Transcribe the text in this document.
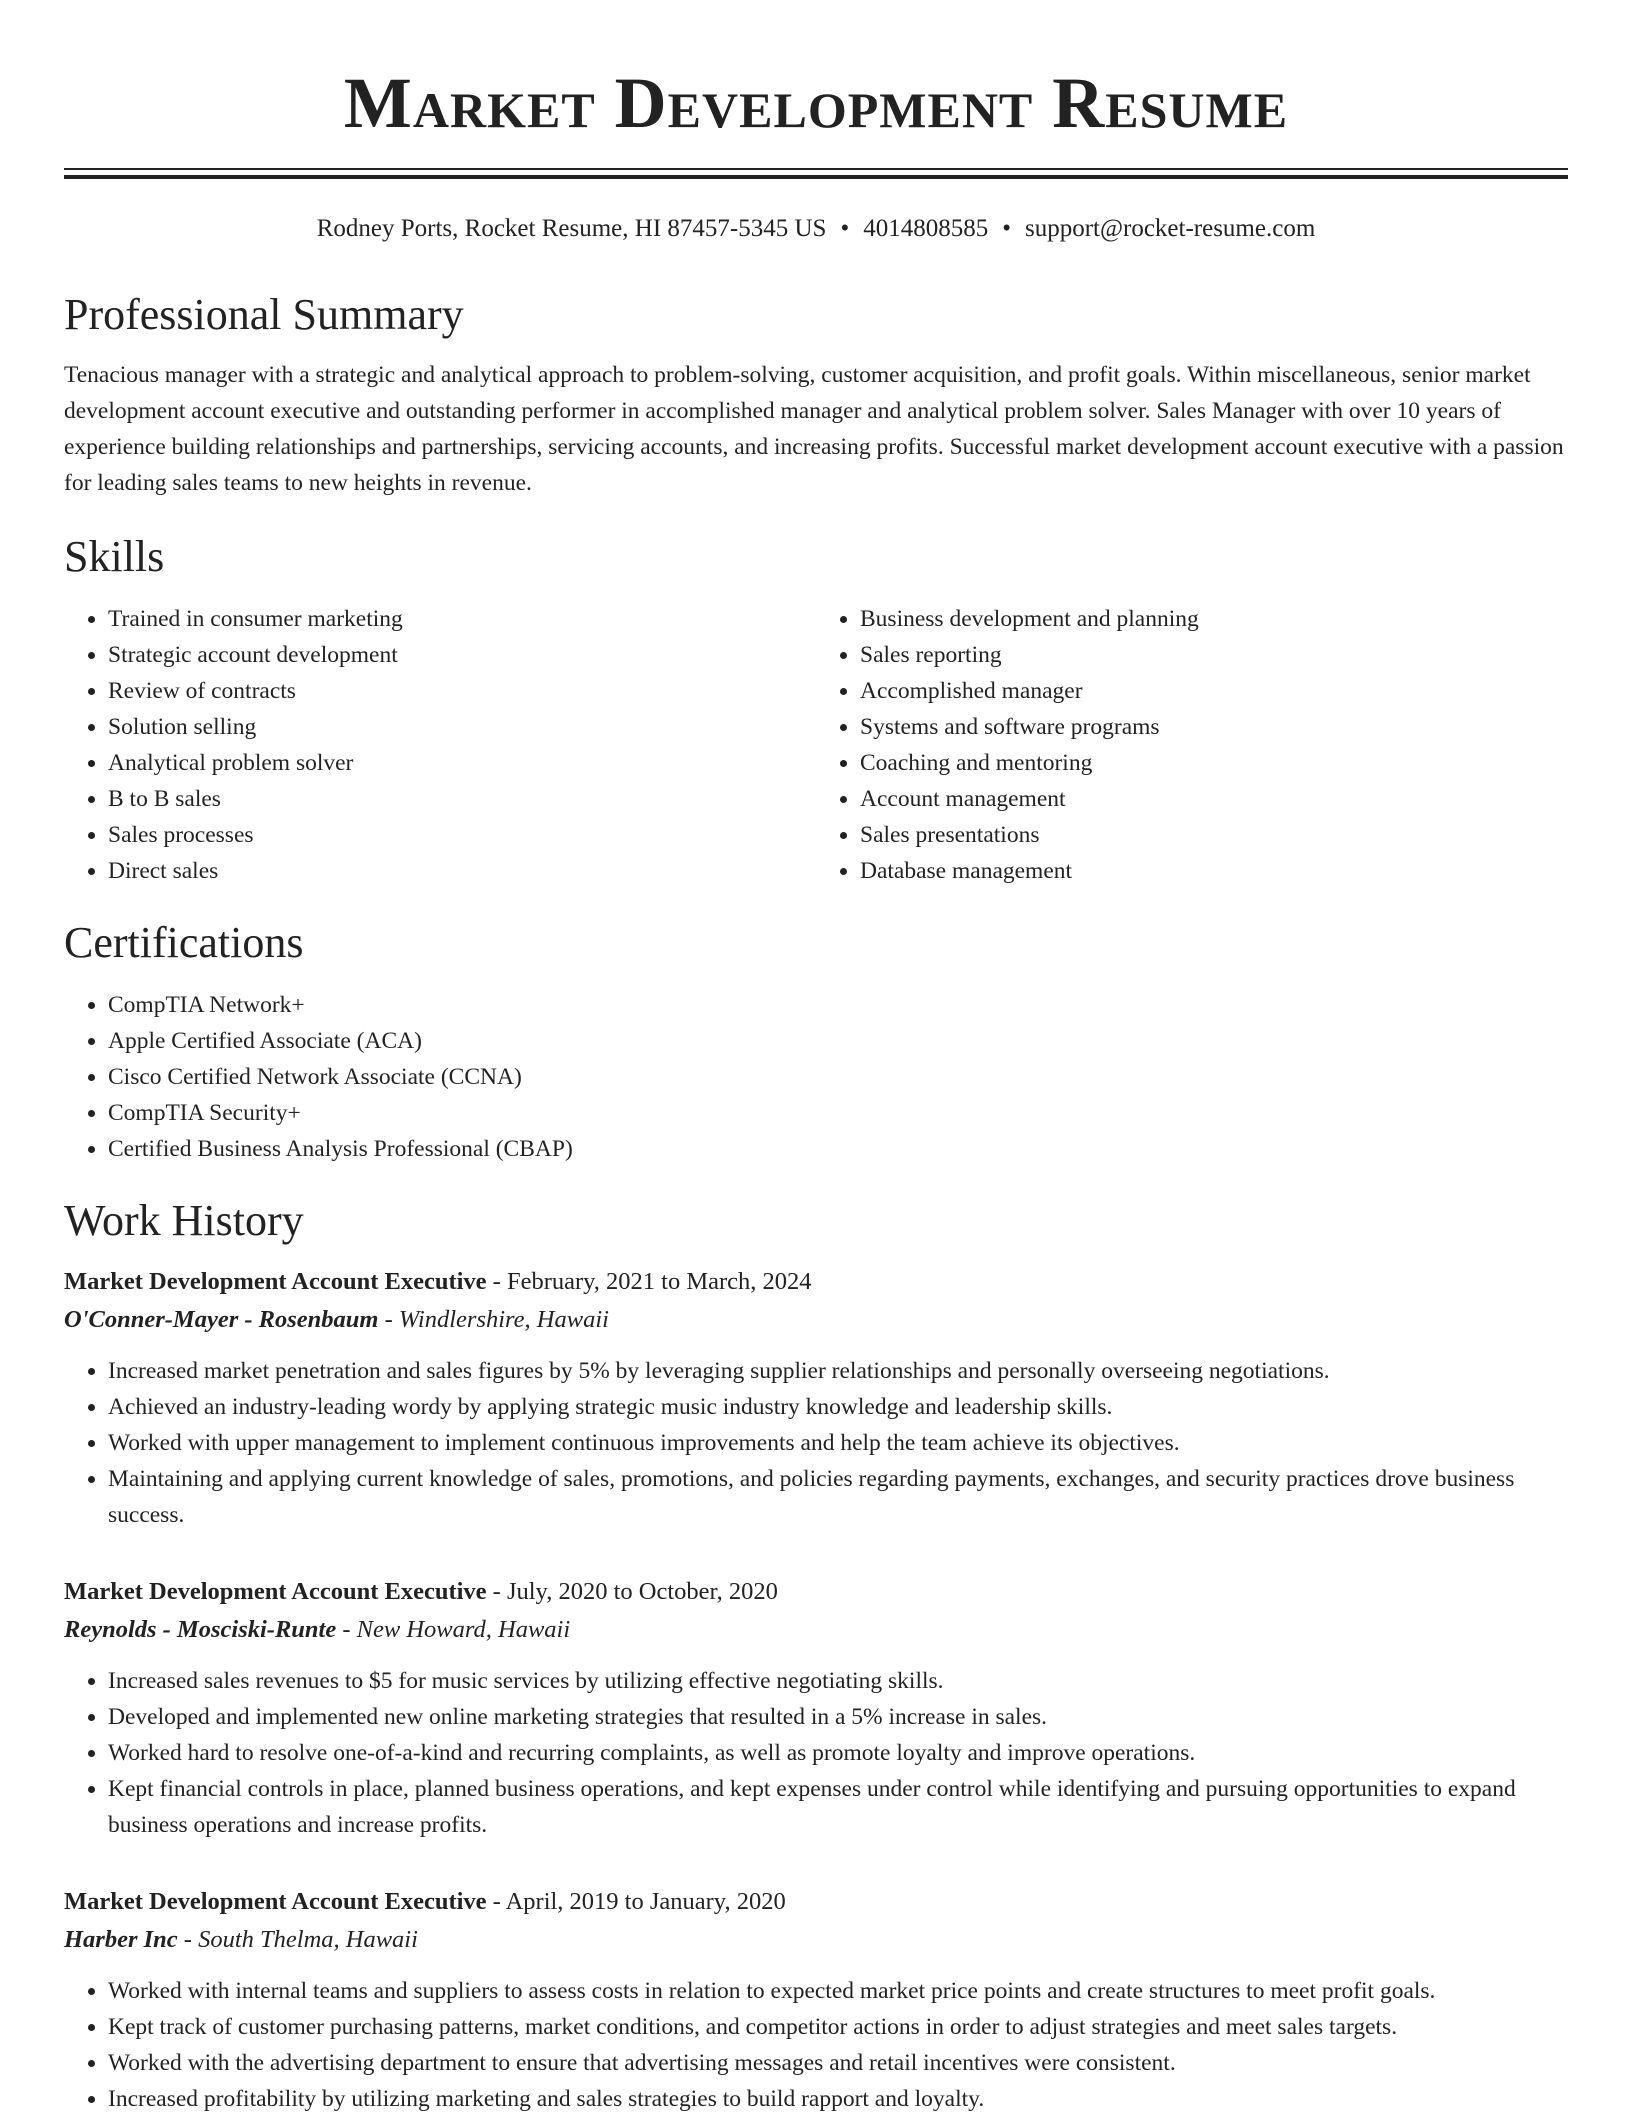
Market Development Resume
Rodney Ports, Rocket Resume, HI 87457-5345 US • 4014808585 • support@rocket-resume.com
Professional Summary
Tenacious manager with a strategic and analytical approach to problem-solving, customer acquisition, and profit goals. Within miscellaneous, senior market development account executive and outstanding performer in accomplished manager and analytical problem solver. Sales Manager with over 10 years of experience building relationships and partnerships, servicing accounts, and increasing profits. Successful market development account executive with a passion for leading sales teams to new heights in revenue.
Skills
• Trained in consumer marketing
• Strategic account development
• Review of contracts
• Solution selling
• Analytical problem solver
• B to B sales
• Sales processes
• Direct sales
• Business development and planning
• Sales reporting
• Accomplished manager
• Systems and software programs
• Coaching and mentoring
• Account management
• Sales presentations
• Database management
Certifications
• CompTIA Network+
• Apple Certified Associate (ACA)
• Cisco Certified Network Associate (CCNA)
• CompTIA Security+
• Certified Business Analysis Professional (CBAP)
Work History
Market Development Account Executive - February, 2021 to March, 2024
O'Conner-Mayer - Rosenbaum - Windlershire, Hawaii
• Increased market penetration and sales figures by 5% by leveraging supplier relationships and personally overseeing negotiations.
• Achieved an industry-leading wordy by applying strategic music industry knowledge and leadership skills.
• Worked with upper management to implement continuous improvements and help the team achieve its objectives.
• Maintaining and applying current knowledge of sales, promotions, and policies regarding payments, exchanges, and security practices drove business success.
Market Development Account Executive - July, 2020 to October, 2020
Reynolds - Mosciski-Runte - New Howard, Hawaii
• Increased sales revenues to $5 for music services by utilizing effective negotiating skills.
• Developed and implemented new online marketing strategies that resulted in a 5% increase in sales.
• Worked hard to resolve one-of-a-kind and recurring complaints, as well as promote loyalty and improve operations.
• Kept financial controls in place, planned business operations, and kept expenses under control while identifying and pursuing opportunities to expand business operations and increase profits.
Market Development Account Executive - April, 2019 to January, 2020
Harber Inc - South Thelma, Hawaii
• Worked with internal teams and suppliers to assess costs in relation to expected market price points and create structures to meet profit goals.
• Kept track of customer purchasing patterns, market conditions, and competitor actions in order to adjust strategies and meet sales targets.
• Worked with the advertising department to ensure that advertising messages and retail incentives were consistent.
• Increased profitability by utilizing marketing and sales strategies to build rapport and loyalty.
